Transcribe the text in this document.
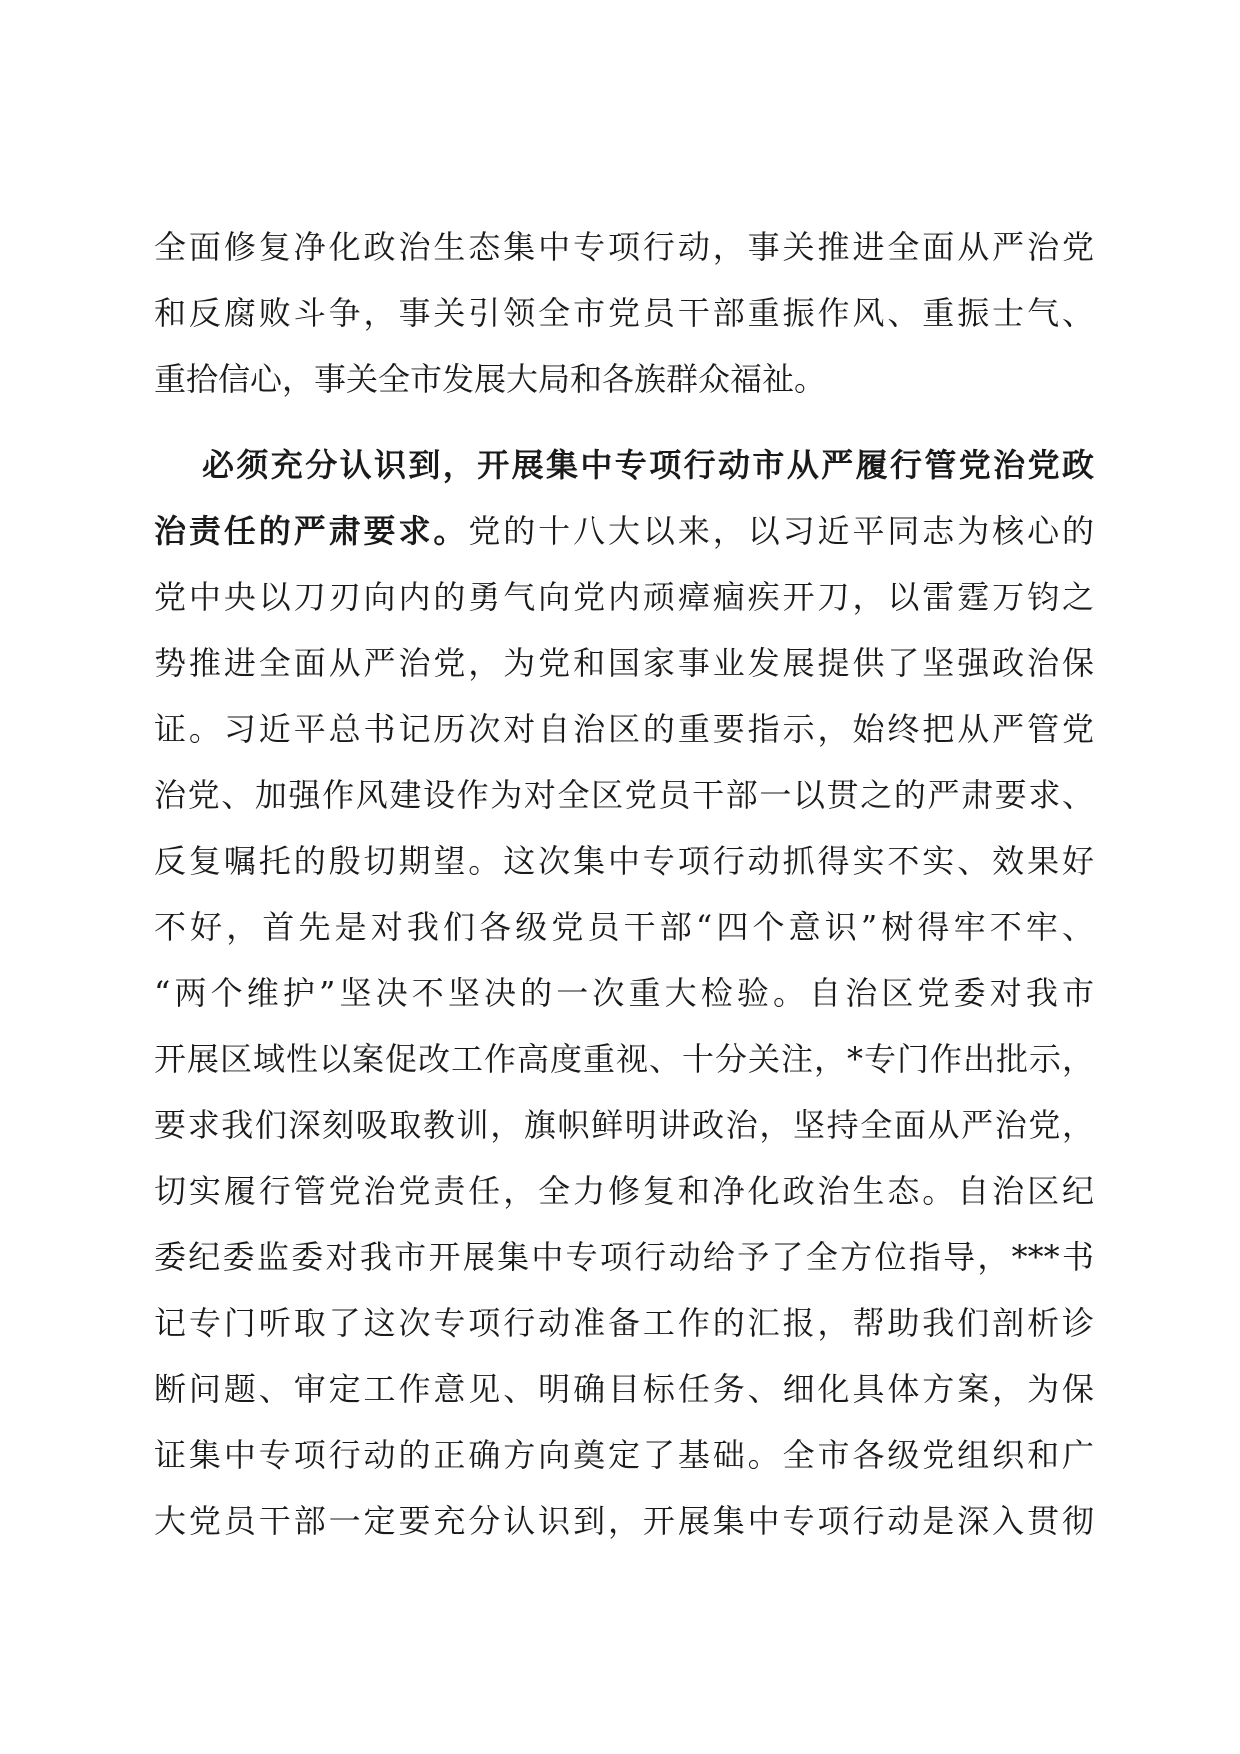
全面修复净化政治生态集中专项行动，事关推进全面从严治党
和反腐败斗争，事关引领全市党员干部重振作风、重振士气、
重拾信心，事关全市发展大局和各族群众福祉。
必须充分认识到，开展集中专项行动市从严履行管党治党政
治责任的严肃要求。党的十八大以来，以习近平同志为核心的
党中央以刀刃向内的勇气向党内顽瘴痼疾开刀，以雷霆万钧之
势推进全面从严治党，为党和国家事业发展提供了坚强政治保
证。习近平总书记历次对自治区的重要指示，始终把从严管党
治党、加强作风建设作为对全区党员干部一以贯之的严肃要求、
反复嘱托的殷切期望。这次集中专项行动抓得实不实、效果好
不好，首先是对我们各级党员干部“四个意识”树得牢不牢、
“两个维护”坚决不坚决的一次重大检验。自治区党委对我市
开展区域性以案促改工作高度重视、十分关注，*专门作出批示，
要求我们深刻吸取教训，旗帜鲜明讲政治，坚持全面从严治党，
切实履行管党治党责任，全力修复和净化政治生态。自治区纪
委纪委监委对我市开展集中专项行动给予了全方位指导，***书
记专门听取了这次专项行动准备工作的汇报，帮助我们剖析诊
断问题、审定工作意见、明确目标任务、细化具体方案，为保
证集中专项行动的正确方向奠定了基础。全市各级党组织和广
大党员干部一定要充分认识到，开展集中专项行动是深入贯彻
